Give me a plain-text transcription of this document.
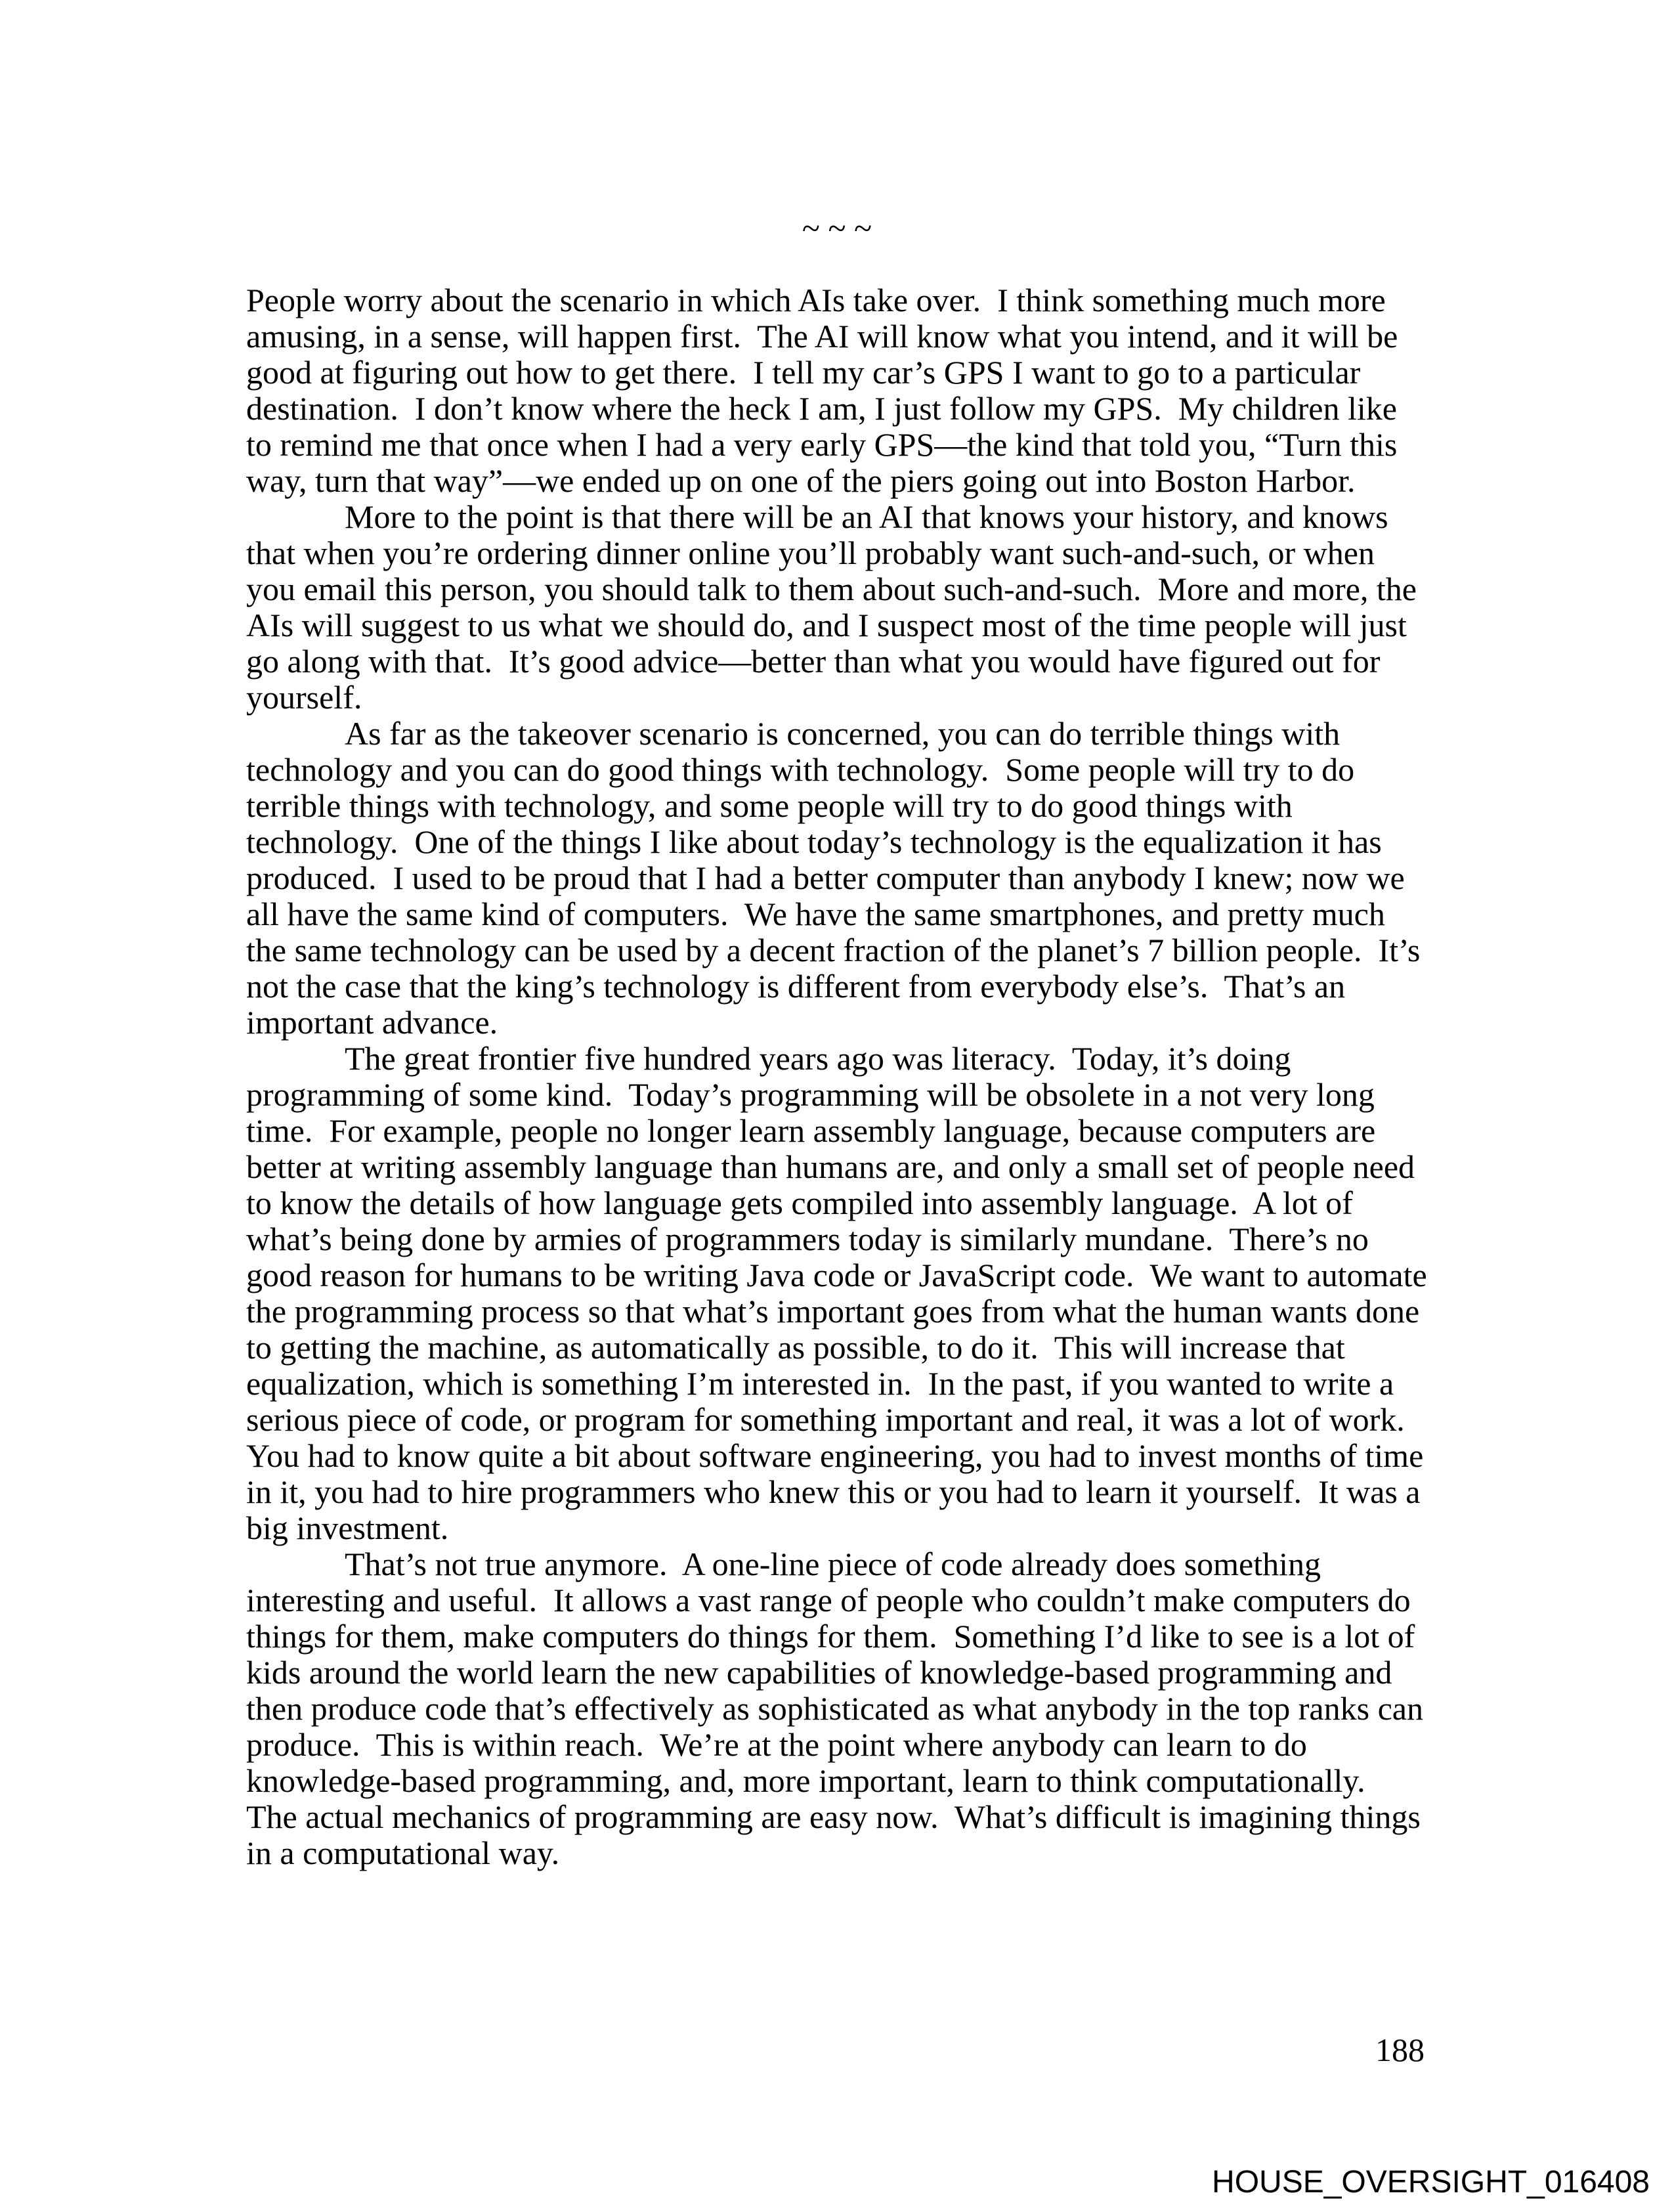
~ ~ ~

People worry about the scenario in which AIs take over.  I think something much more amusing, in a sense, will happen first.  The AI will know what you intend, and it will be good at figuring out how to get there.  I tell my car’s GPS I want to go to a particular destination.  I don’t know where the heck I am, I just follow my GPS.  My children like to remind me that once when I had a very early GPS—the kind that told you, “Turn this way, turn that way”—we ended up on one of the piers going out into Boston Harbor.

More to the point is that there will be an AI that knows your history, and knows that when you’re ordering dinner online you’ll probably want such-and-such, or when you email this person, you should talk to them about such-and-such.  More and more, the AIs will suggest to us what we should do, and I suspect most of the time people will just go along with that.  It’s good advice—better than what you would have figured out for yourself.

As far as the takeover scenario is concerned, you can do terrible things with technology and you can do good things with technology.  Some people will try to do terrible things with technology, and some people will try to do good things with technology.  One of the things I like about today’s technology is the equalization it has produced.  I used to be proud that I had a better computer than anybody I knew; now we all have the same kind of computers.  We have the same smartphones, and pretty much the same technology can be used by a decent fraction of the planet’s 7 billion people.  It’s not the case that the king’s technology is different from everybody else’s.  That’s an important advance.

The great frontier five hundred years ago was literacy.  Today, it’s doing programming of some kind.  Today’s programming will be obsolete in a not very long time.  For example, people no longer learn assembly language, because computers are better at writing assembly language than humans are, and only a small set of people need to know the details of how language gets compiled into assembly language.  A lot of what’s being done by armies of programmers today is similarly mundane.  There’s no good reason for humans to be writing Java code or JavaScript code.  We want to automate the programming process so that what’s important goes from what the human wants done to getting the machine, as automatically as possible, to do it.  This will increase that equalization, which is something I’m interested in.  In the past, if you wanted to write a serious piece of code, or program for something important and real, it was a lot of work.  You had to know quite a bit about software engineering, you had to invest months of time in it, you had to hire programmers who knew this or you had to learn it yourself.  It was a big investment.

That’s not true anymore.  A one-line piece of code already does something interesting and useful.  It allows a vast range of people who couldn’t make computers do things for them, make computers do things for them.  Something I’d like to see is a lot of kids around the world learn the new capabilities of knowledge-based programming and then produce code that’s effectively as sophisticated as what anybody in the top ranks can produce.  This is within reach.  We’re at the point where anybody can learn to do knowledge-based programming, and, more important, learn to think computationally.  The actual mechanics of programming are easy now.  What’s difficult is imagining things in a computational way.

188
HOUSE_OVERSIGHT_016408
